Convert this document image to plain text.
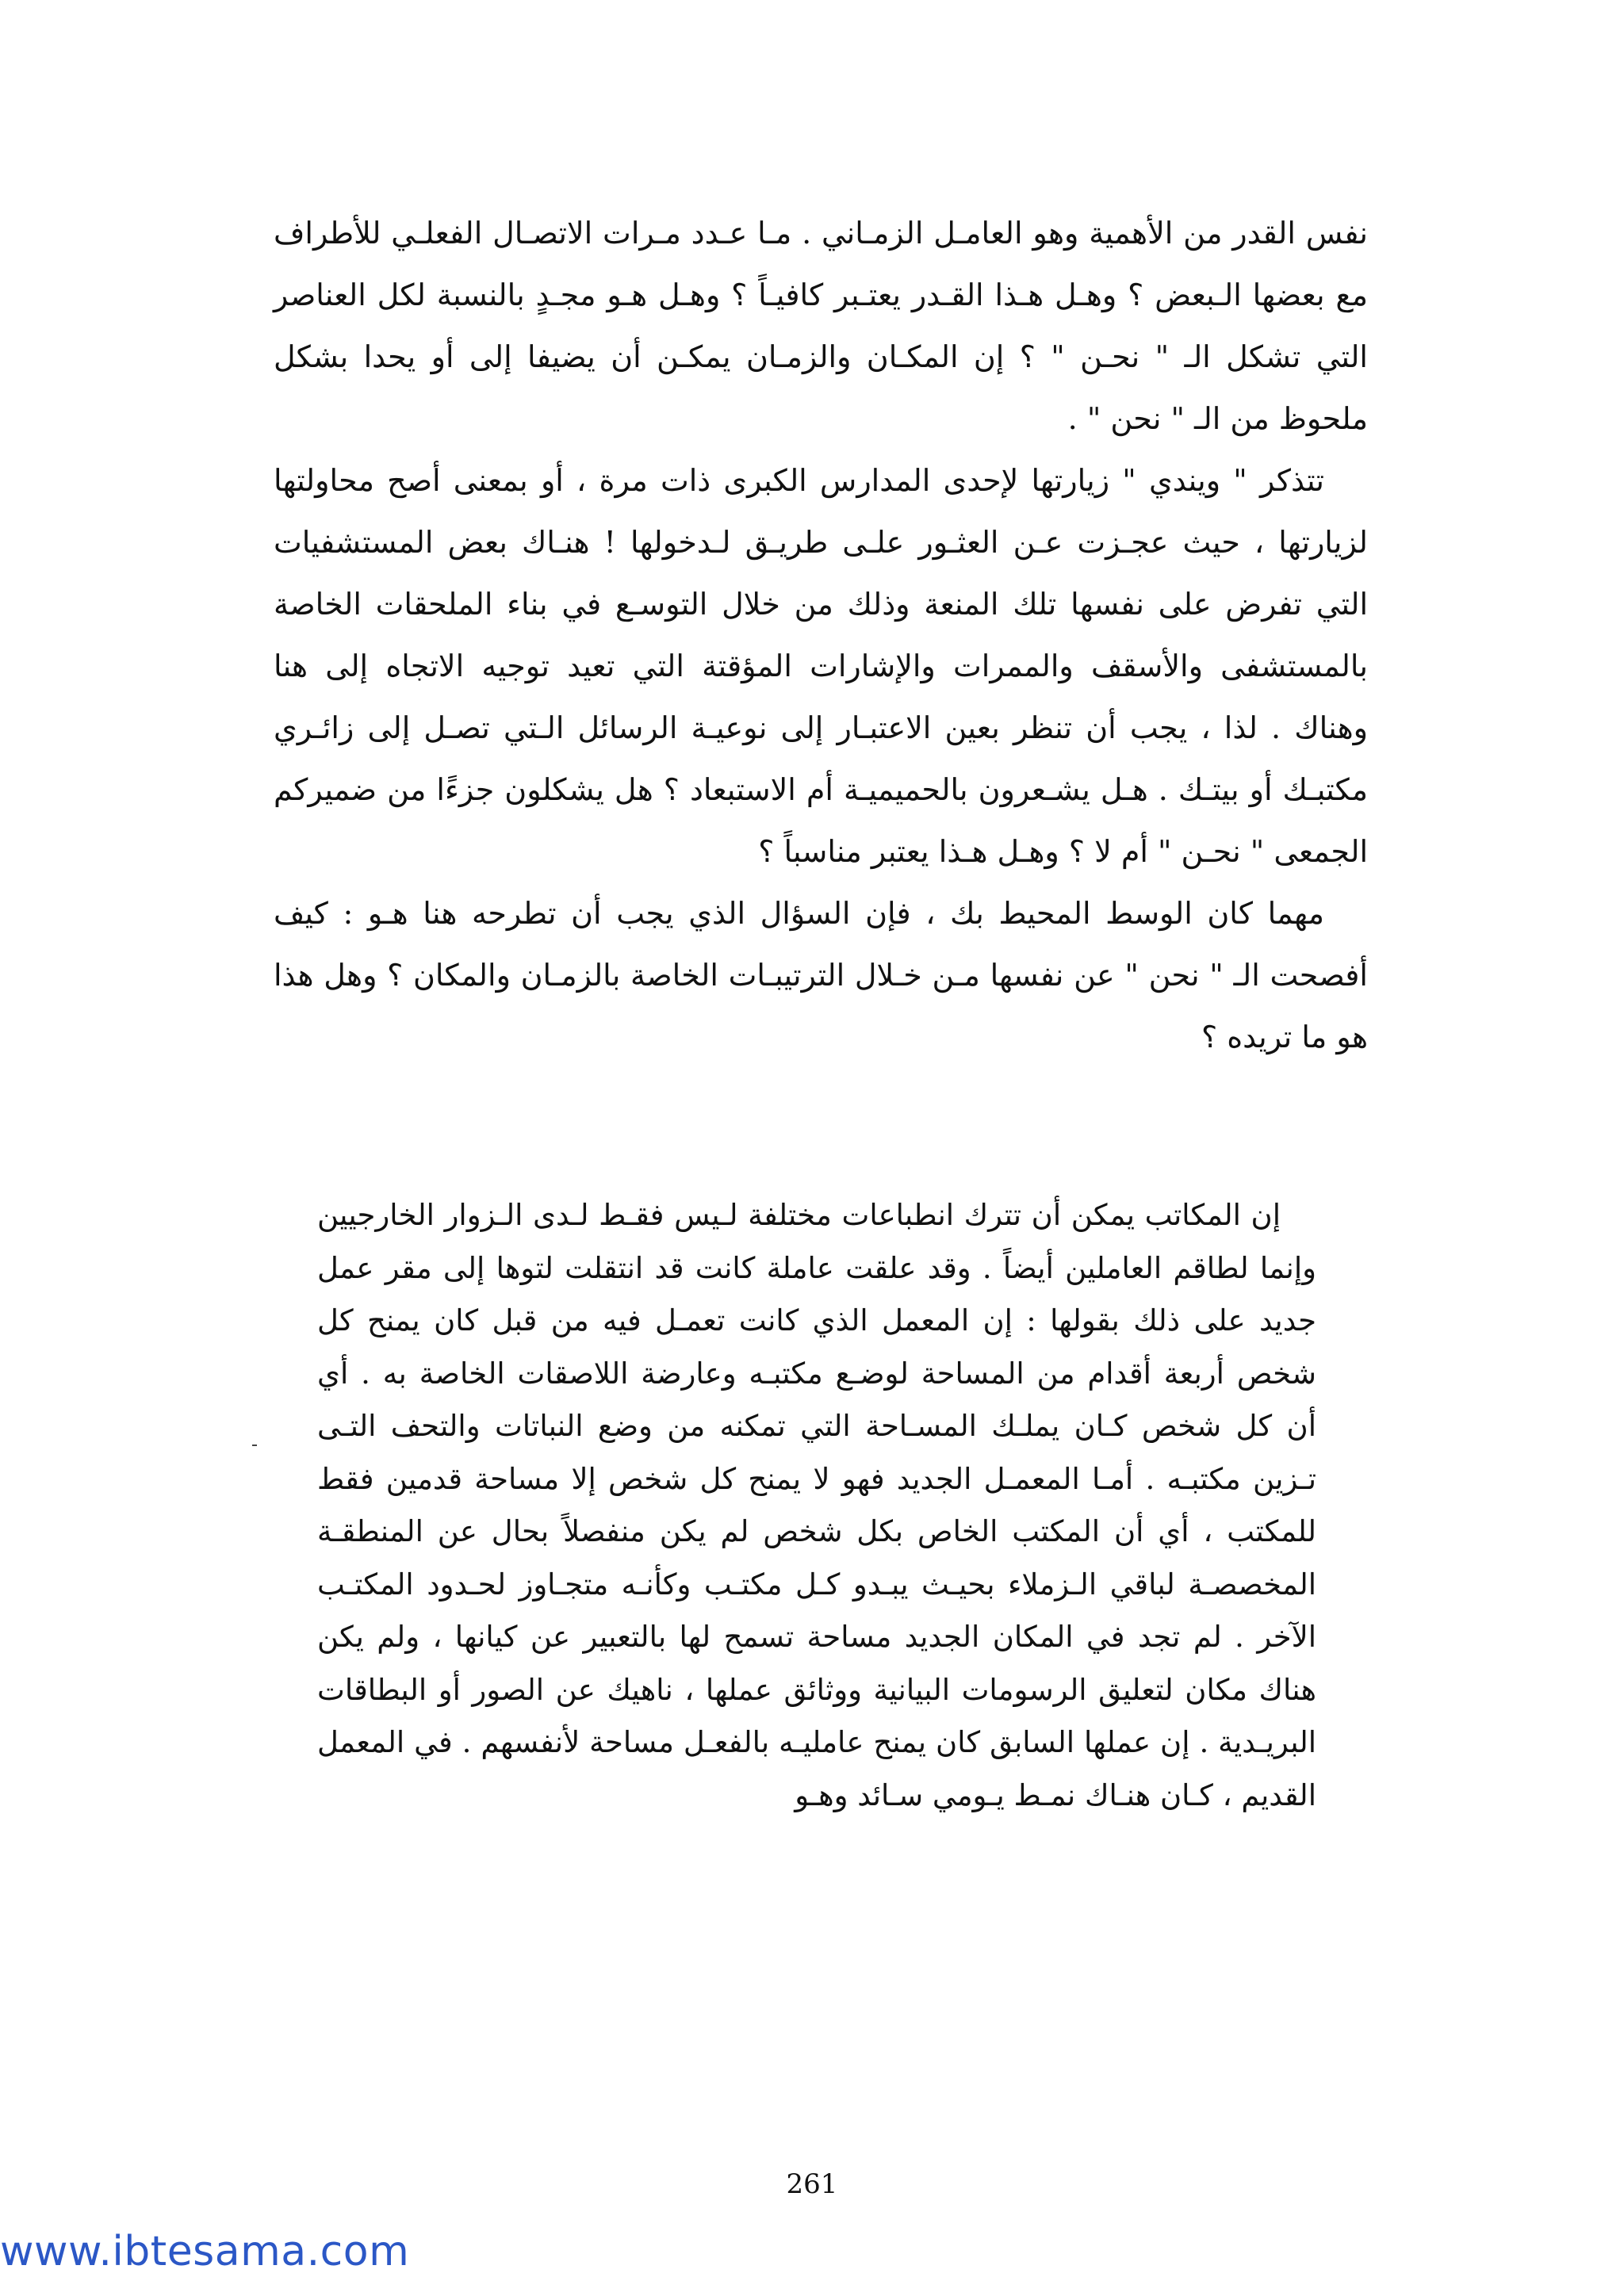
نفس القدر من الأهمية وهو العامـل الزمـاني . مـا عـدد مـرات الاتصـال الفعلـي للأطراف مع بعضها الـبعض ؟ وهـل هـذا القـدر يعتـبر كافيـاً ؟ وهـل هـو مجـدٍ بالنسبة لكل العناصر التي تشكل الـ " نحـن " ؟ إن المكـان والزمـان يمكـن أن يضيفا إلى أو يحدا بشكل ملحوظ من الـ " نحن " .

تتذكر " ويندي " زيارتها لإحدى المدارس الكبرى ذات مرة ، أو بمعنى أصح محاولتها لزيارتها ، حيث عجـزت عـن العثـور علـى طريـق لـدخولها ! هنـاك بعض المستشفيات التي تفرض على نفسها تلك المنعة وذلك من خلال التوسـع في بناء الملحقات الخاصة بالمستشفى والأسقف والممرات والإشارات المؤقتة التي تعيد توجيه الاتجاه إلى هنا وهناك . لذا ، يجب أن تنظر بعين الاعتبـار إلى نوعيـة الرسائل الـتي تصـل إلى زائـري مكتبـك أو بيتـك . هـل يشـعرون بالحميميـة أم الاستبعاد ؟ هل يشكلون جزءًا من ضميركم الجمعى " نحـن " أم لا ؟ وهـل هـذا يعتبر مناسباً ؟

مهما كان الوسط المحيط بك ، فإن السؤال الذي يجب أن تطرحه هنا هـو : كيف أفصحت الـ " نحن " عن نفسها مـن خـلال الترتيبـات الخاصة بالزمـان والمكان ؟ وهل هذا هو ما تريده ؟

إن المكاتب يمكن أن تترك انطباعات مختلفة لـيس فقـط لـدى الـزوار الخارجيين وإنما لطاقم العاملين أيضاً . وقد علقت عاملة كانت قد انتقلت لتوها إلى مقر عمل جديد على ذلك بقولها : إن المعمل الذي كانت تعمـل فيه من قبل كان يمنح كل شخص أربعة أقدام من المساحة لوضـع مكتبـه وعارضة اللاصقات الخاصة به . أي أن كل شخص كـان يملـك المسـاحة التي تمكنه من وضع النباتات والتحف التـى تـزين مكتبـه . أمـا المعمـل الجديد فهو لا يمنح كل شخص إلا مساحة قدمين فقط للمكتب ، أي أن المكتب الخاص بكل شخص لم يكن منفصلاً بحال عن المنطقـة المخصصـة لباقي الـزملاء بحيـث يبـدو كـل مكتـب وكأنـه متجـاوز لحـدود المكتـب الآخر . لم تجد في المكان الجديد مساحة تسمح لها بالتعبير عن كيانها ، ولم يكن هناك مكان لتعليق الرسومات البيانية ووثائق عملها ، ناهيك عن الصور أو البطاقات البريـدية . إن عملها السابق كان يمنح عامليـه بالفعـل مساحة لأنفسهم . في المعمل القديم ، كـان هنـاك نمـط يـومي سـائد وهـو

261
www.ibtesama.com
